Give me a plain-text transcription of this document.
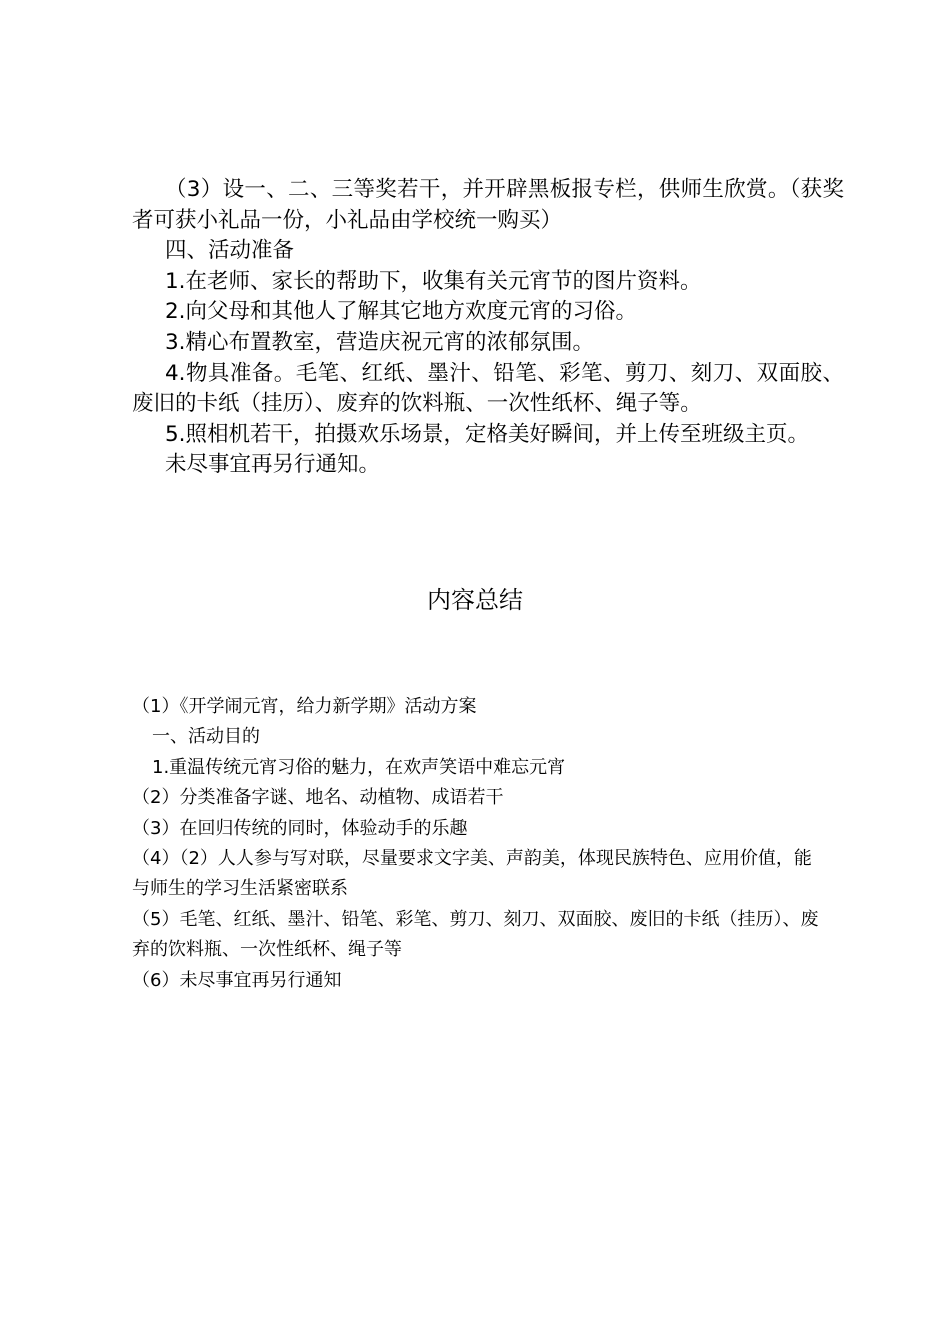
（3）设一、二、三等奖若干，并开辟黑板报专栏，供师生欣赏。（获奖者可获小礼品一份，小礼品由学校统一购买）

四、活动准备

1.在老师、家长的帮助下，收集有关元宵节的图片资料。

2.向父母和其他人了解其它地方欢度元宵的习俗。

3.精心布置教室，营造庆祝元宵的浓郁氛围。

4.物具准备。毛笔、红纸、墨汁、铅笔、彩笔、剪刀、刻刀、双面胶、废旧的卡纸（挂历）、废弃的饮料瓶、一次性纸杯、绳子等。

5.照相机若干，拍摄欢乐场景，定格美好瞬间，并上传至班级主页。

未尽事宜再另行通知。

内容总结

（1）《开学闹元宵，给力新学期》活动方案

一、活动目的

1.重温传统元宵习俗的魅力，在欢声笑语中难忘元宵

（2）分类准备字谜、地名、动植物、成语若干

（3）在回归传统的同时，体验动手的乐趣

（4）（2）人人参与写对联，尽量要求文字美、声韵美，体现民族特色、应用价值，能与师生的学习生活紧密联系

（5）毛笔、红纸、墨汁、铅笔、彩笔、剪刀、刻刀、双面胶、废旧的卡纸（挂历）、废弃的饮料瓶、一次性纸杯、绳子等

（6）未尽事宜再另行通知
